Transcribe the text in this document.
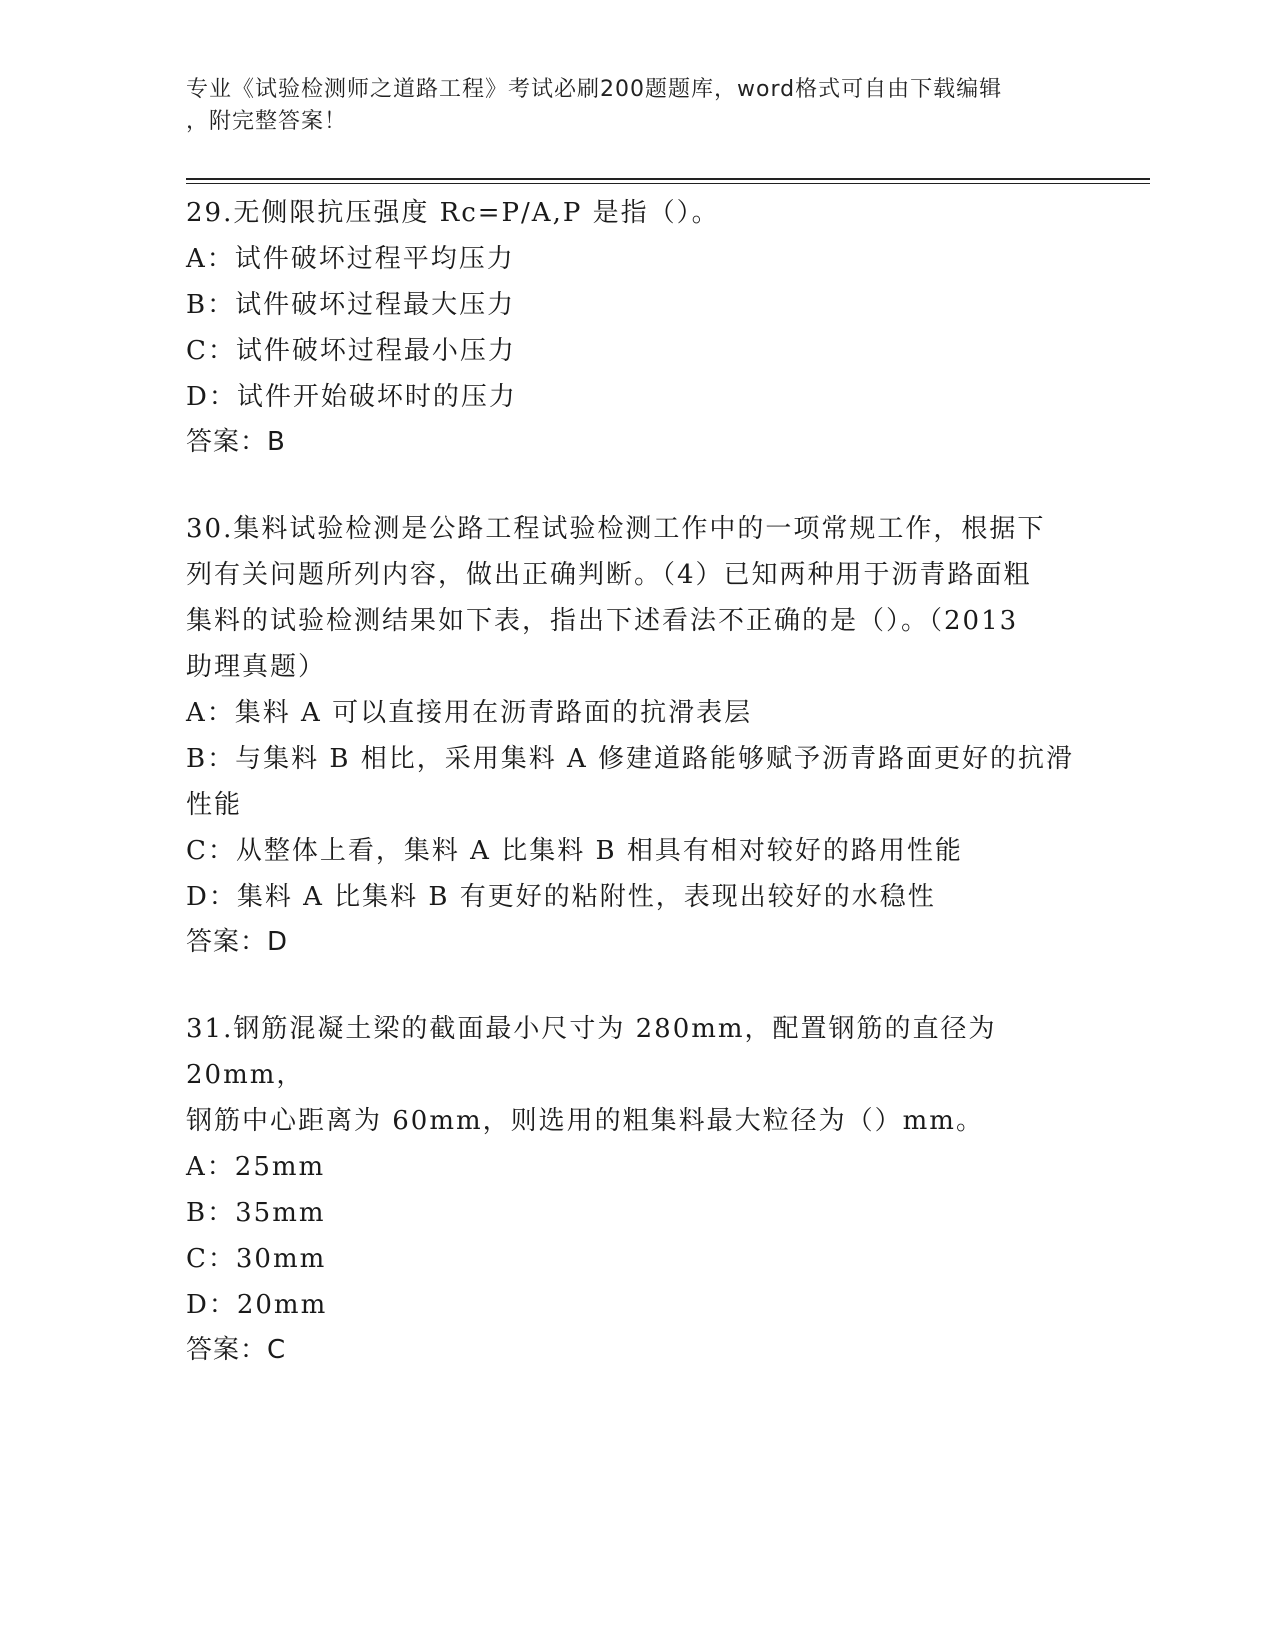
专业《试验检测师之道路工程》考试必刷200题题库，word格式可自由下载编辑
，附完整答案！

29.无侧限抗压强度 Rc=P/A,P 是指（）。

A：试件破坏过程平均压力

B：试件破坏过程最大压力

C：试件破坏过程最小压力

D：试件开始破坏时的压力

答案：B

30.集料试验检测是公路工程试验检测工作中的一项常规工作，根据下

列有关问题所列内容，做出正确判断。（4）已知两种用于沥青路面粗

集料的试验检测结果如下表，指出下述看法不正确的是（）。（2013

助理真题）

A：集料 A 可以直接用在沥青路面的抗滑表层

B：与集料 B 相比，采用集料 A 修建道路能够赋予沥青路面更好的抗滑

性能

C：从整体上看，集料 A 比集料 B 相具有相对较好的路用性能

D：集料 A 比集料 B 有更好的粘附性，表现出较好的水稳性

答案：D

31.钢筋混凝土梁的截面最小尺寸为 280mm，配置钢筋的直径为 20mm，

钢筋中心距离为 60mm，则选用的粗集料最大粒径为（）mm。

A：25mm

B：35mm

C：30mm

D：20mm

答案：C
